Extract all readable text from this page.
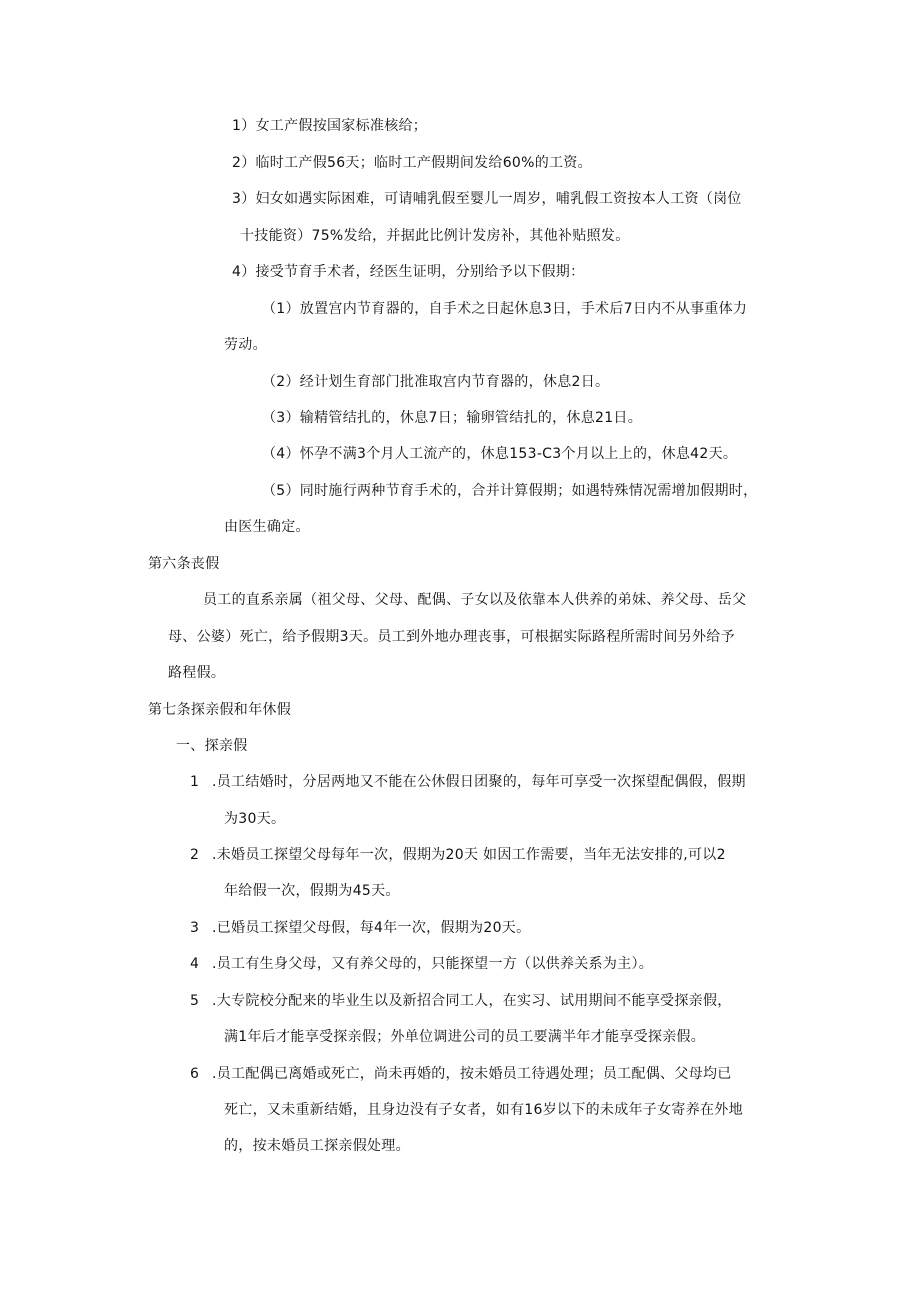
1）女工产假按国家标准核给；
2）临时工产假56天；临时工产假期间发给60%的工资。
3）妇女如遇实际困难，可请哺乳假至婴儿一周岁，哺乳假工资按本人工资（岗位
十技能资）75%发给，并据此比例计发房补，其他补贴照发。
4）接受节育手术者，经医生证明，分别给予以下假期：
（1）放置宫内节育器的，自手术之日起休息3日，手术后7日内不从事重体力
劳动。
（2）经计划生育部门批准取宫内节育器的，休息2日。
（3）输精管结扎的，休息7日；输卵管结扎的，休息21日。
（4）怀孕不满3个月人工流产的，休息153-C3个月以上上的，休息42天。
（5）同时施行两种节育手术的，合并计算假期；如遇特殊情况需增加假期时，
由医生确定。
第六条丧假
员工的直系亲属（祖父母、父母、配偶、子女以及依靠本人供养的弟妹、养父母、岳父
母、公婆）死亡，给予假期3天。员工到外地办理丧事，可根据实际路程所需时间另外给予
路程假。
第七条探亲假和年休假
一、探亲假
1 .员工结婚时，分居两地又不能在公休假日团聚的，每年可享受一次探望配偶假，假期
为30天。
2 .未婚员工探望父母每年一次，假期为20天 如因工作需要，当年无法安排的,可以2
年给假一次，假期为45天。
3 .已婚员工探望父母假，每4年一次，假期为20天。
4 .员工有生身父母，又有养父母的，只能探望一方（以供养关系为主）。
5 .大专院校分配来的毕业生以及新招合同工人，在实习、试用期间不能享受探亲假，
满1年后才能享受探亲假；外单位调进公司的员工要满半年才能享受探亲假。
6 .员工配偶已离婚或死亡，尚未再婚的，按未婚员工待遇处理；员工配偶、父母均已
死亡，又未重新结婚，且身边没有子女者，如有16岁以下的未成年子女寄养在外地
的，按未婚员工探亲假处理。
